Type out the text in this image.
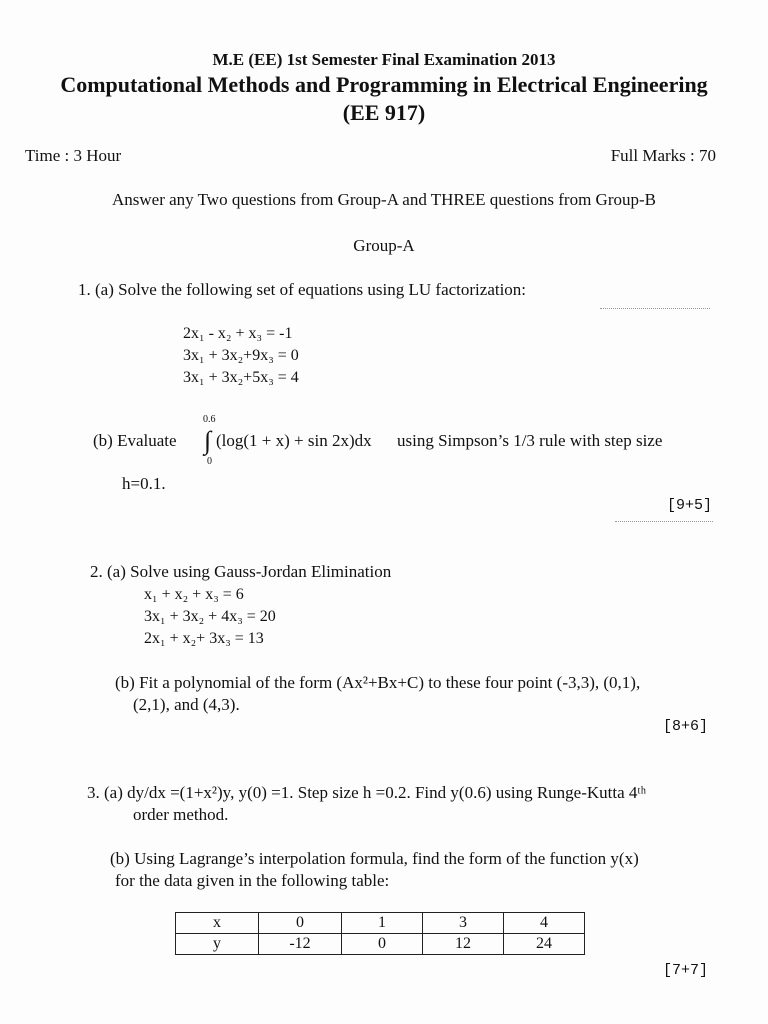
M.E (EE) 1st Semester Final Examination 2013
Computational Methods and Programming in Electrical Engineering
(EE 917)
Time : 3 Hour	Full Marks : 70
Answer any Two questions from Group-A and THREE questions from Group-B
Group-A
1. (a) Solve the following set of equations using LU factorization:
2x₁ - x₂ + x₃ = -1
3x₁ + 3x₂+9x₃ = 0
3x₁ + 3x₂+5x₃ = 4
(b) Evaluate
0.6
∫
0
(log(1 + x) + sin 2x)dx using Simpson’s 1/3 rule with step size
h=0.1.
[9+5]
2. (a) Solve using Gauss-Jordan Elimination
x₁ + x₂ + x₃ = 6
3x₁ + 3x₂ + 4x₃ = 20
2x₁ + x₂+ 3x₃ = 13
(b) Fit a polynomial of the form (Ax²+Bx+C) to these four point (-3,3), (0,1),
(2,1), and (4,3).
[8+6]
3. (a) dy/dx =(1+x²)y, y(0) =1. Step size h =0.2. Find y(0.6) using Runge-Kutta 4ᵗʰ
order method.
(b) Using Lagrange’s interpolation formula, find the form of the function y(x)
for the data given in the following table:
x	0	1	3	4
y	-12	0	12	24
[7+7]
